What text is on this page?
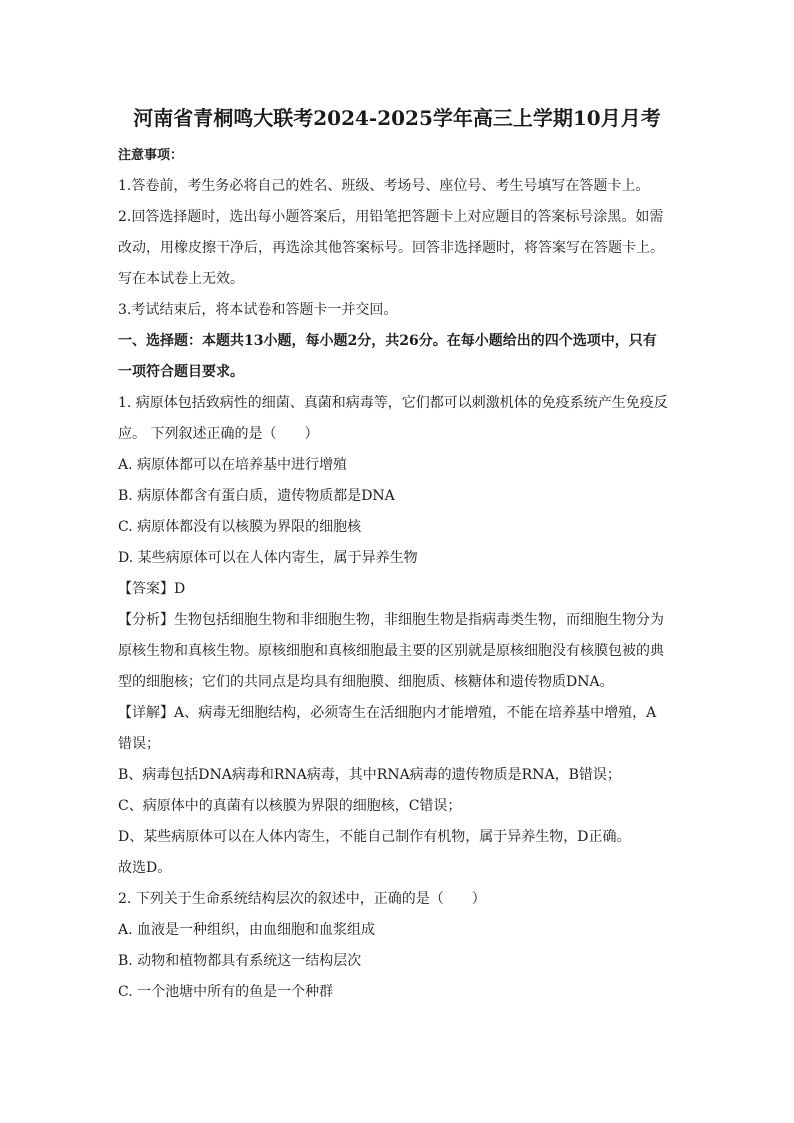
河南省青桐鸣大联考2024-2025学年高三上学期10月月考

注意事项：

1.答卷前，考生务必将自己的姓名、班级、考场号、座位号、考生号填写在答题卡上。

2.回答选择题时，选出每小题答案后，用铅笔把答题卡上对应题目的答案标号涂黑。如需

改动，用橡皮擦干净后，再选涂其他答案标号。回答非选择题时，将答案写在答题卡上。

写在本试卷上无效。

3.考试结束后，将本试卷和答题卡一并交回。

一、选择题：本题共13小题，每小题2分，共26分。在每小题给出的四个选项中，只有

一项符合题目要求。

1. 病原体包括致病性的细菌、真菌和病毒等，它们都可以刺激机体的免疫系统产生免疫反

应。 下列叙述正确的是（　　）

A. 病原体都可以在培养基中进行增殖

B. 病原体都含有蛋白质，遗传物质都是DNA

C. 病原体都没有以核膜为界限的细胞核

D. 某些病原体可以在人体内寄生，属于异养生物

【答案】D

【分析】生物包括细胞生物和非细胞生物，非细胞生物是指病毒类生物，而细胞生物分为

原核生物和真核生物。原核细胞和真核细胞最主要的区别就是原核细胞没有核膜包被的典

型的细胞核；它们的共同点是均具有细胞膜、细胞质、核糖体和遗传物质DNA。

【详解】A、病毒无细胞结构，必须寄生在活细胞内才能增殖，不能在培养基中增殖，A

错误；

B、病毒包括DNA病毒和RNA病毒，其中RNA病毒的遗传物质是RNA，B错误；

C、病原体中的真菌有以核膜为界限的细胞核，C错误；

D、某些病原体可以在人体内寄生，不能自己制作有机物，属于异养生物，D正确。

故选D。

2. 下列关于生命系统结构层次的叙述中，正确的是（　　）

A. 血液是一种组织，由血细胞和血浆组成

B. 动物和植物都具有系统这一结构层次

C. 一个池塘中所有的鱼是一个种群
